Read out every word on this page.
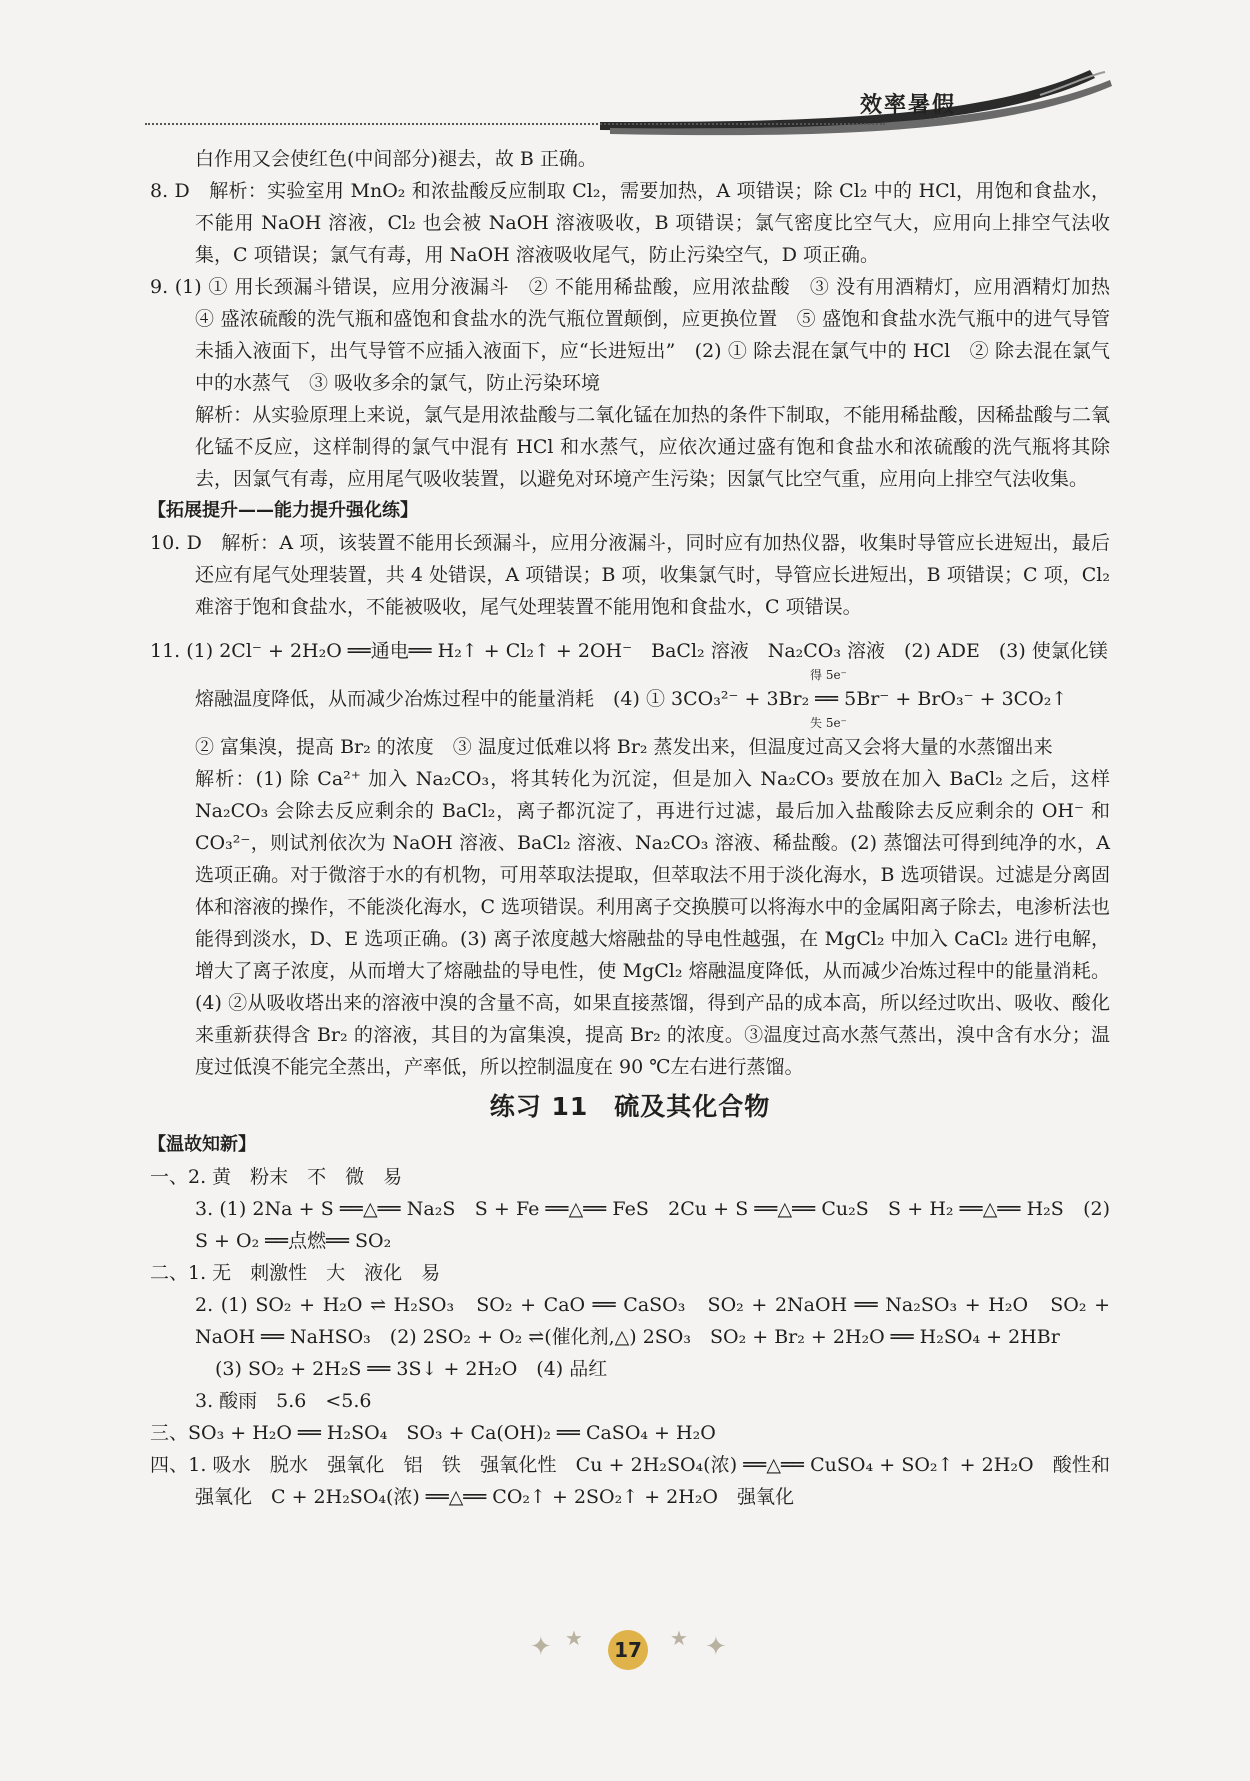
效率暑假

白作用又会使红色(中间部分)褪去，故 B 正确。

8. D　解析：实验室用 MnO₂ 和浓盐酸反应制取 Cl₂，需要加热，A 项错误；除 Cl₂ 中的 HCl，用饱和食盐水，不能用 NaOH 溶液，Cl₂ 也会被 NaOH 溶液吸收，B 项错误；氯气密度比空气大，应用向上排空气法收集，C 项错误；氯气有毒，用 NaOH 溶液吸收尾气，防止污染空气，D 项正确。

9. (1) ① 用长颈漏斗错误，应用分液漏斗　② 不能用稀盐酸，应用浓盐酸　③ 没有用酒精灯，应用酒精灯加热　④ 盛浓硫酸的洗气瓶和盛饱和食盐水的洗气瓶位置颠倒，应更换位置　⑤ 盛饱和食盐水洗气瓶中的进气导管未插入液面下，出气导管不应插入液面下，应“长进短出”　(2) ① 除去混在氯气中的 HCl　② 除去混在氯气中的水蒸气　③ 吸收多余的氯气，防止污染环境

解析：从实验原理上来说，氯气是用浓盐酸与二氧化锰在加热的条件下制取，不能用稀盐酸，因稀盐酸与二氧化锰不反应，这样制得的氯气中混有 HCl 和水蒸气，应依次通过盛有饱和食盐水和浓硫酸的洗气瓶将其除去，因氯气有毒，应用尾气吸收装置，以避免对环境产生污染；因氯气比空气重，应用向上排空气法收集。

【拓展提升——能力提升强化练】

10. D　解析：A 项，该装置不能用长颈漏斗，应用分液漏斗，同时应有加热仪器，收集时导管应长进短出，最后还应有尾气处理装置，共 4 处错误，A 项错误；B 项，收集氯气时，导管应长进短出，B 项错误；C 项，Cl₂ 难溶于饱和食盐水，不能被吸收，尾气处理装置不能用饱和食盐水，C 项错误。

11. (1) 2Cl⁻ + 2H₂O ══通电══ H₂↑ + Cl₂↑ + 2OH⁻　BaCl₂ 溶液　Na₂CO₃ 溶液　(2) ADE　(3) 使氯化镁

得 5e⁻

熔融温度降低，从而减少冶炼过程中的能量消耗　(4) ① 3CO₃²⁻ + 3Br₂ ══ 5Br⁻ + BrO₃⁻ + 3CO₂↑

失 5e⁻

② 富集溴，提高 Br₂ 的浓度　③ 温度过低难以将 Br₂ 蒸发出来，但温度过高又会将大量的水蒸馏出来

解析：(1) 除 Ca²⁺ 加入 Na₂CO₃，将其转化为沉淀，但是加入 Na₂CO₃ 要放在加入 BaCl₂ 之后，这样 Na₂CO₃ 会除去反应剩余的 BaCl₂，离子都沉淀了，再进行过滤，最后加入盐酸除去反应剩余的 OH⁻ 和 CO₃²⁻，则试剂依次为 NaOH 溶液、BaCl₂ 溶液、Na₂CO₃ 溶液、稀盐酸。(2) 蒸馏法可得到纯净的水，A 选项正确。对于微溶于水的有机物，可用萃取法提取，但萃取法不用于淡化海水，B 选项错误。过滤是分离固体和溶液的操作，不能淡化海水，C 选项错误。利用离子交换膜可以将海水中的金属阳离子除去，电渗析法也能得到淡水，D、E 选项正确。(3) 离子浓度越大熔融盐的导电性越强，在 MgCl₂ 中加入 CaCl₂ 进行电解，增大了离子浓度，从而增大了熔融盐的导电性，使 MgCl₂ 熔融温度降低，从而减少冶炼过程中的能量消耗。(4) ②从吸收塔出来的溶液中溴的含量不高，如果直接蒸馏，得到产品的成本高，所以经过吹出、吸收、酸化来重新获得含 Br₂ 的溶液，其目的为富集溴，提高 Br₂ 的浓度。③温度过高水蒸气蒸出，溴中含有水分；温度过低溴不能完全蒸出，产率低，所以控制温度在 90 ℃左右进行蒸馏。

练习 11　硫及其化合物

【温故知新】

一、2. 黄　粉末　不　微　易

3. (1) 2Na + S ══△══ Na₂S　S + Fe ══△══ FeS　2Cu + S ══△══ Cu₂S　S + H₂ ══△══ H₂S　(2) S + O₂ ══点燃══ SO₂

二、1. 无　刺激性　大　液化　易

2. (1) SO₂ + H₂O ⇌ H₂SO₃　SO₂ + CaO ══ CaSO₃　SO₂ + 2NaOH ══ Na₂SO₃ + H₂O　SO₂ + NaOH ══ NaHSO₃　(2) 2SO₂ + O₂ ⇌(催化剂,△) 2SO₃　SO₂ + Br₂ + 2H₂O ══ H₂SO₄ + 2HBr

(3) SO₂ + 2H₂S ══ 3S↓ + 2H₂O　(4) 品红

3. 酸雨　5.6　<5.6

三、SO₃ + H₂O ══ H₂SO₄　SO₃ + Ca(OH)₂ ══ CaSO₄ + H₂O

四、1. 吸水　脱水　强氧化　铝　铁　强氧化性　Cu + 2H₂SO₄(浓) ══△══ CuSO₄ + SO₂↑ + 2H₂O　酸性和强氧化　C + 2H₂SO₄(浓) ══△══ CO₂↑ + 2SO₂↑ + 2H₂O　强氧化

✦ ★	17	★ ✦
